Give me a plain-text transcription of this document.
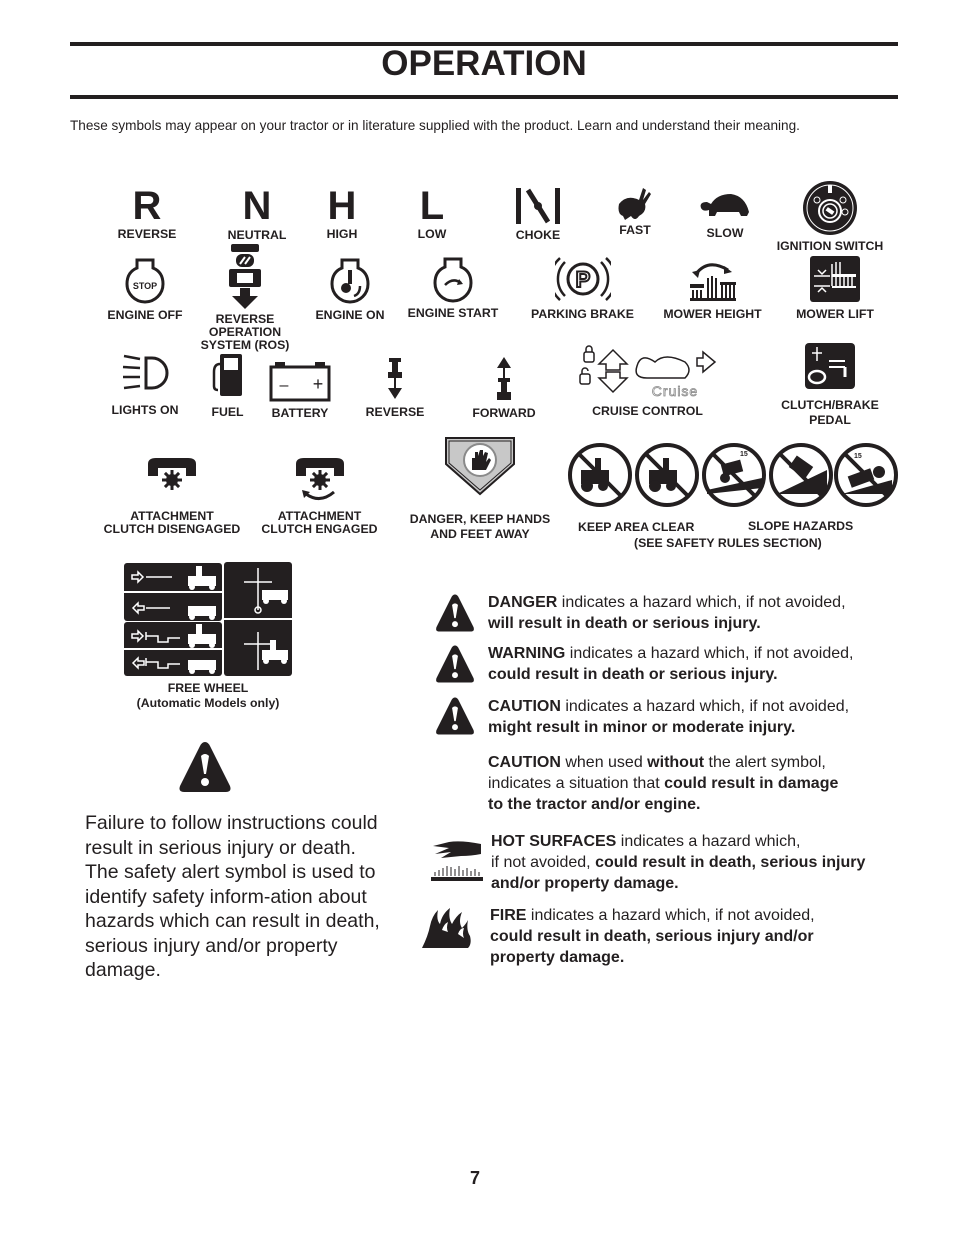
OPERATION
These symbols may appear on your tractor or in literature supplied with the product. Learn and understand their meaning.
R
REVERSE
N
NEUTRAL
H
HIGH
L
LOW	CHOKE	FAST	SLOW
IGNITION SWITCH
STOP
ENGINE OFF	REVERSE
OPERATION
SYSTEM (ROS)
ENGINE ON	ENGINE START
P
PARKING BRAKE	MOWER HEIGHT	MOWER LIFT
LIGHTS ON	FUEL
– +
BATTERY	REVERSE	FORWARD
Cruise
CRUISE CONTROL	CLUTCH/BRAKE
PEDAL
ATTACHMENT
CLUTCH DISENGAGED
ATTACHMENT
CLUTCH ENGAGED
DANGER, KEEP HANDS
AND FEET AWAY
15	15
KEEP AREA CLEAR	SLOPE HAZARDS
(SEE SAFETY RULES SECTION)
FREE WHEEL
(Automatic Models only)
Failure to follow instructions could result in serious injury or death. The safety alert symbol is used to identify safety inform-ation about hazards which can result in death, serious injury and/or property damage.
DANGER indicates a hazard which, if not avoided,
will result in death or serious injury.
WARNING indicates a hazard which, if not avoided,
could result in death or serious injury.
CAUTION indicates a hazard which, if not avoided,
might result in minor or moderate injury.
CAUTION when used without the alert symbol,
indicates a situation that could result in damage
to the tractor and/or engine.
HOT SURFACES indicates a hazard which,
if not avoided, could result in death, serious injury
and/or property damage.
FIRE indicates a hazard which, if not avoided,
could result in death, serious injury and/or
property damage.
7
